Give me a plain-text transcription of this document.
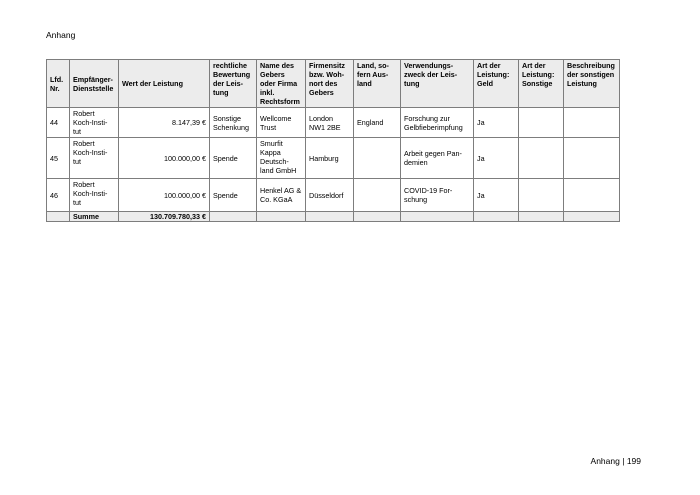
Anhang
Lfd. Nr.	Empfänger-Dienststelle	Wert der Leistung	rechtliche Bewertung der Leis-tung	Name des Gebers oder Firma inkl. Rechtsform	Firmensitz bzw. Woh-nort des Gebers	Land, so-fern Aus-land	Verwendungs-zweck der Leis-tung	Art der Leistung: Geld	Art der Leistung: Sonstige	Beschreibung der sonstigen Leistung
44	Robert Koch-Insti-tut	8.147,39 €	Sonstige Schenkung	Wellcome Trust	London NW1 2BE	England	Forschung zur Gelbfieberimpfung	Ja		
45	Robert Koch-Insti-tut	100.000,00 €	Spende	Smurfit Kappa Deutsch-land GmbH	Hamburg		Arbeit gegen Pan-demien	Ja		
46	Robert Koch-Insti-tut	100.000,00 €	Spende	Henkel AG & Co. KGaA	Düsseldorf		COVID-19 For-schung	Ja		
	Summe	130.709.780,33 €								
Anhang | 199
